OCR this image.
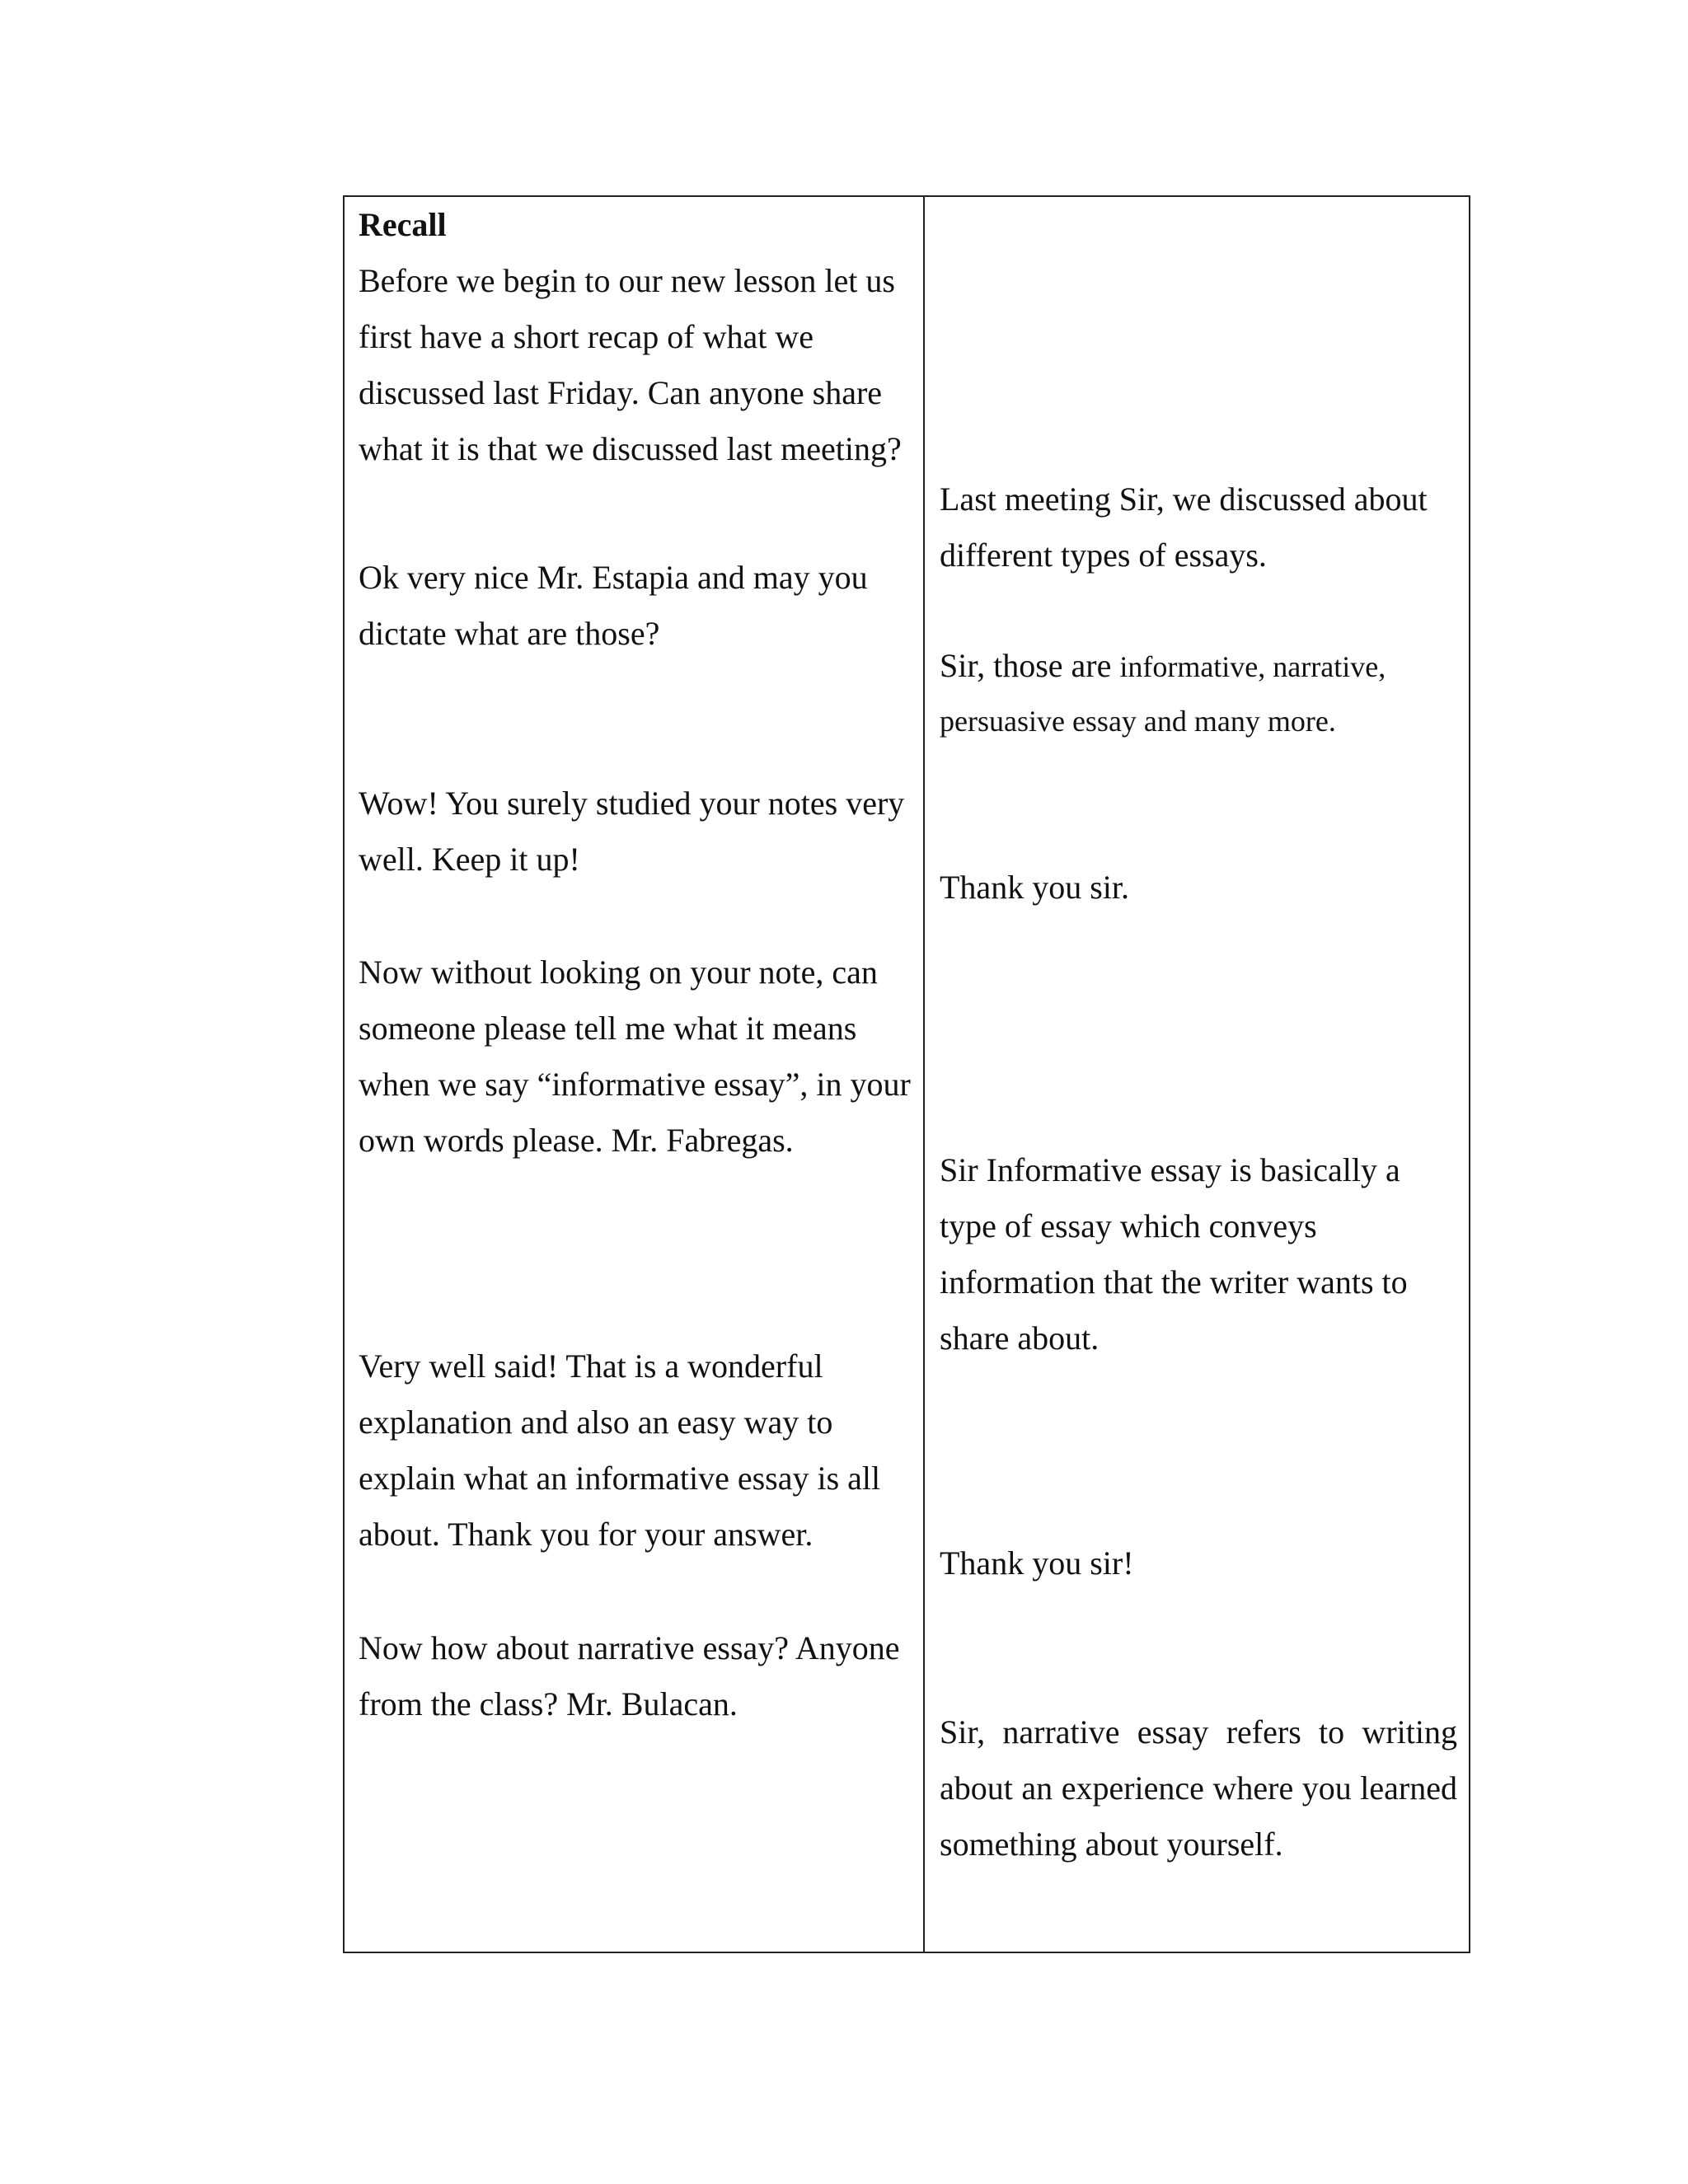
Recall
Before we begin to our new lesson let us
first have a short recap of what we
discussed last Friday. Can anyone share
what it is that we discussed last meeting?
Ok very nice Mr. Estapia and may you
dictate what are those?
Wow! You surely studied your notes very
well. Keep it up!
Now without looking on your note, can
someone please tell me what it means
when we say “informative essay”, in your
own words please. Mr. Fabregas.
Very well said! That is a wonderful
explanation and also an easy way to
explain what an informative essay is all
about. Thank you for your answer.
Now how about narrative essay? Anyone
from the class? Mr. Bulacan.
Last meeting Sir, we discussed about
different types of essays.
Sir, those are informative, narrative,
persuasive essay and many more.
Thank you sir.
Sir Informative essay is basically a
type of essay which conveys
information that the writer wants to
share about.
Thank you sir!
Sir, narrative essay refers to writing
about an experience where you learned
something about yourself.
